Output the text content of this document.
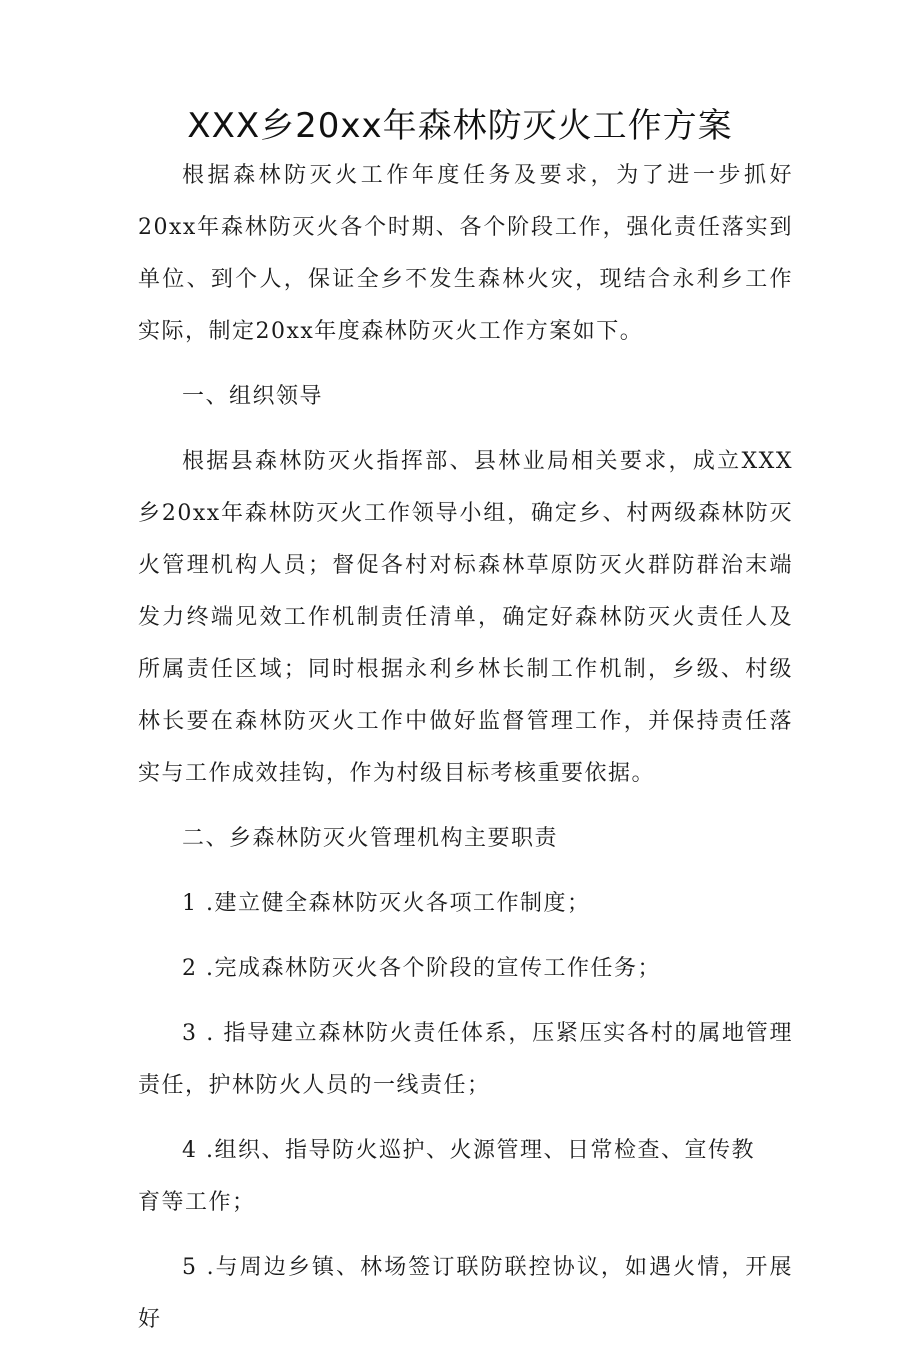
XXX乡20xx年森林防灭火工作方案

根据森林防灭火工作年度任务及要求，为了进一步抓好20xx年森林防灭火各个时期、各个阶段工作，强化责任落实到单位、到个人，保证全乡不发生森林火灾，现结合永利乡工作实际，制定20xx年度森林防灭火工作方案如下。

一、组织领导

根据县森林防灭火指挥部、县林业局相关要求，成立XXX乡20xx年森林防灭火工作领导小组，确定乡、村两级森林防灭火管理机构人员；督促各村对标森林草原防灭火群防群治末端发力终端见效工作机制责任清单，确定好森林防灭火责任人及所属责任区域；同时根据永利乡林长制工作机制，乡级、村级林长要在森林防灭火工作中做好监督管理工作，并保持责任落实与工作成效挂钩，作为村级目标考核重要依据。

二、乡森林防灭火管理机构主要职责

1 .建立健全森林防灭火各项工作制度；

2 .完成森林防灭火各个阶段的宣传工作任务；

3 . 指导建立森林防火责任体系，压紧压实各村的属地管理责任，护林防火人员的一线责任；

4 .组织、指导防火巡护、火源管理、日常检查、宣传教

育等工作；

5 .与周边乡镇、林场签订联防联控协议，如遇火情，开展好
